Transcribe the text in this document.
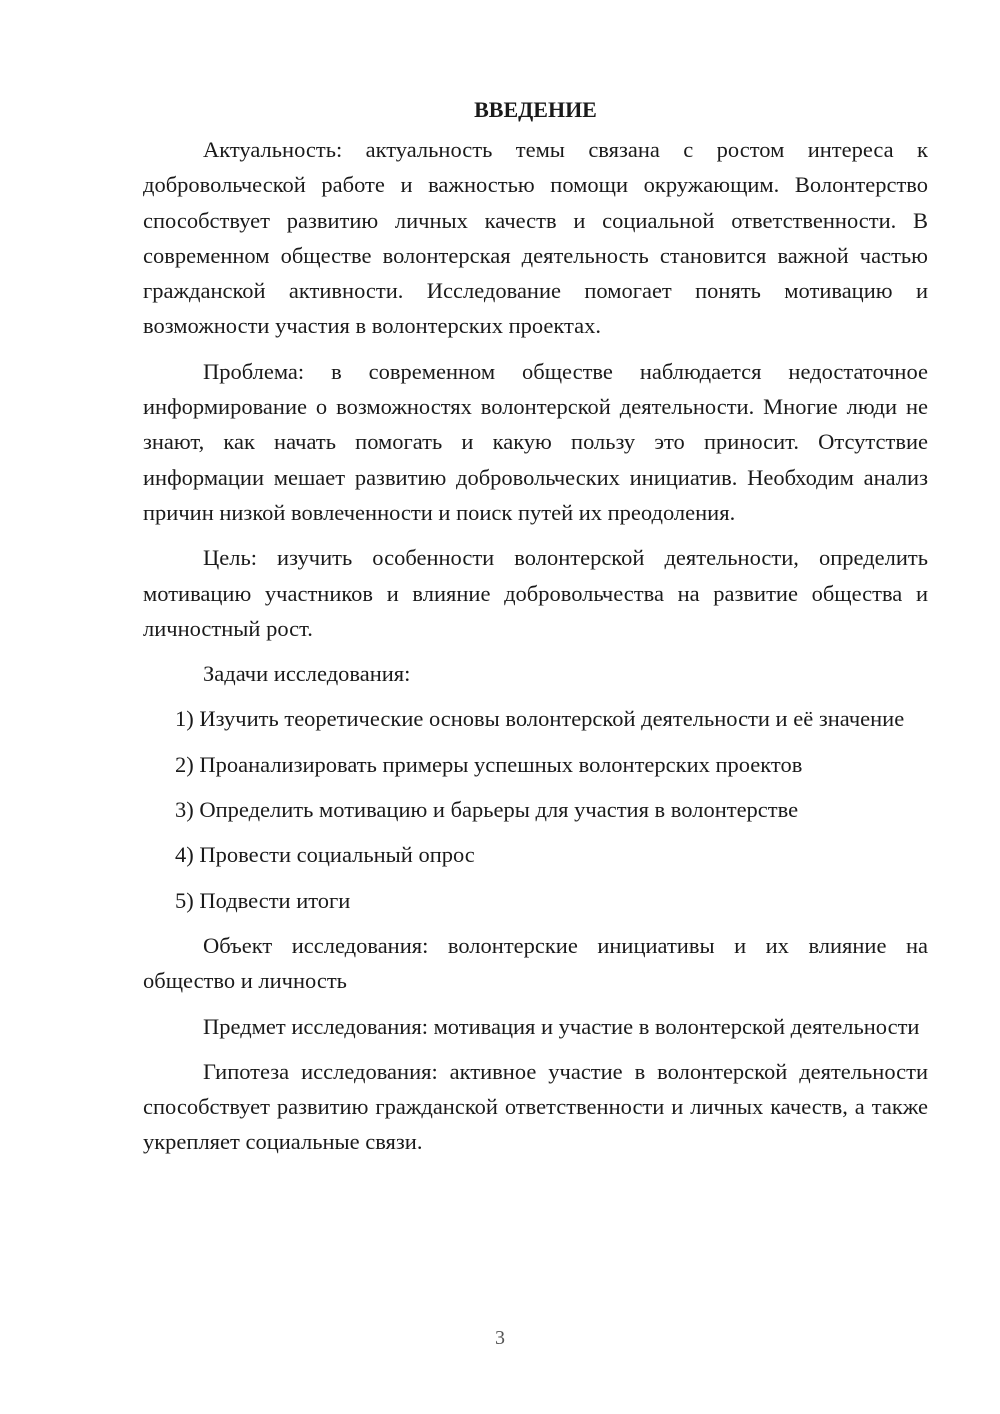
ВВЕДЕНИЕ

Актуальность: актуальность темы связана с ростом интереса к добровольческой работе и важностью помощи окружающим. Волонтерство способствует развитию личных качеств и социальной ответственности. В современном обществе волонтерская деятельность становится важной частью гражданской активности. Исследование помогает понять мотивацию и возможности участия в волонтерских проектах.

Проблема: в современном обществе наблюдается недостаточное информирование о возможностях волонтерской деятельности. Многие люди не знают, как начать помогать и какую пользу это приносит. Отсутствие информации мешает развитию добровольческих инициатив. Необходим анализ причин низкой вовлеченности и поиск путей их преодоления.

Цель: изучить особенности волонтерской деятельности, определить мотивацию участников и влияние добровольчества на развитие общества и личностный рост.

Задачи исследования:

1) Изучить теоретические основы волонтерской деятельности и её значение

2) Проанализировать примеры успешных волонтерских проектов

3) Определить мотивацию и барьеры для участия в волонтерстве

4) Провести социальный опрос

5) Подвести итоги

Объект исследования: волонтерские инициативы и их влияние на общество и личность

Предмет исследования: мотивация и участие в волонтерской деятельности

Гипотеза исследования: активное участие в волонтерской деятельности способствует развитию гражданской ответственности и личных качеств, а также укрепляет социальные связи.

3
